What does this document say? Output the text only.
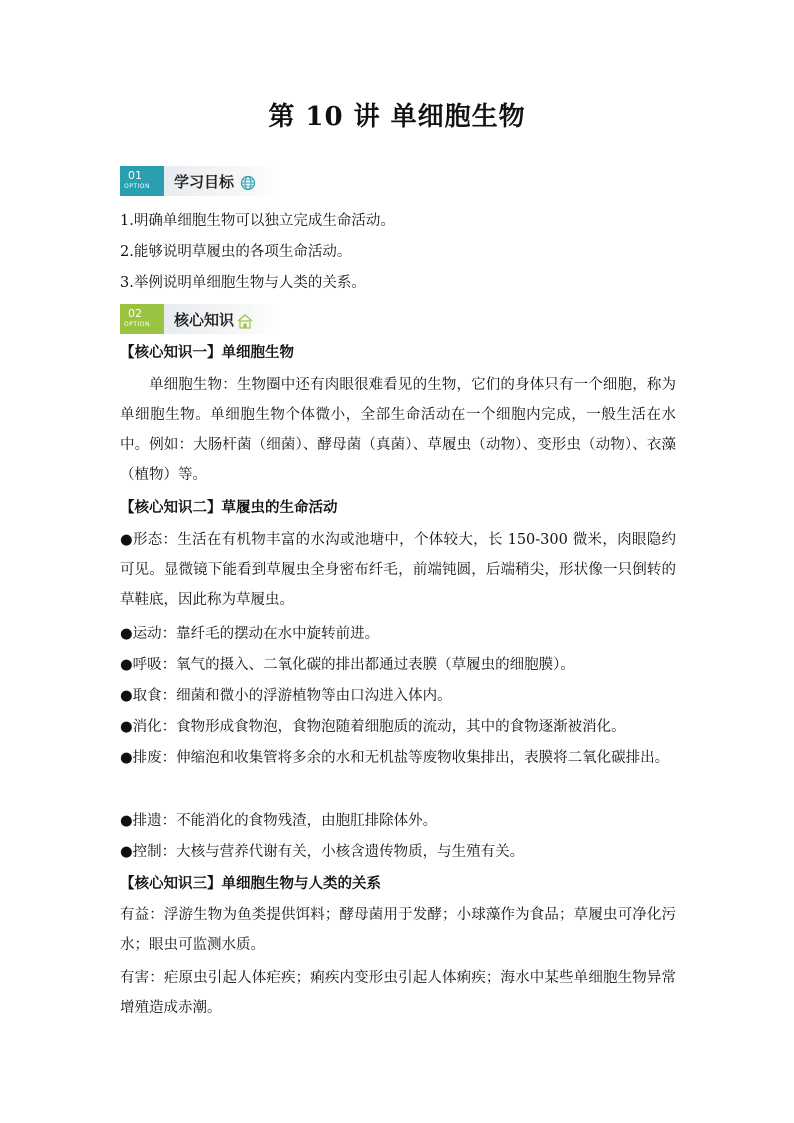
第 10 讲 单细胞生物
01
OPTION 学习目标

1.明确单细胞生物可以独立完成生命活动。

2.能够说明草履虫的各项生命活动。

3.举例说明单细胞生物与人类的关系。

02
OPTION 核心知识

【核心知识一】单细胞生物

单细胞生物：生物圈中还有肉眼很难看见的生物，它们的身体只有一个细胞，称为单细胞生物。单细胞生物个体微小，全部生命活动在一个细胞内完成，一般生活在水中。例如：大肠杆菌（细菌）、酵母菌（真菌）、草履虫（动物）、变形虫（动物）、衣藻（植物）等。

【核心知识二】草履虫的生命活动

●形态：生活在有机物丰富的水沟或池塘中，个体较大，长 150-300 微米，肉眼隐约可见。显微镜下能看到草履虫全身密布纤毛，前端钝圆，后端稍尖，形状像一只倒转的草鞋底，因此称为草履虫。

●运动：靠纤毛的摆动在水中旋转前进。

●呼吸：氧气的摄入、二氧化碳的排出都通过表膜（草履虫的细胞膜）。

●取食：细菌和微小的浮游植物等由口沟进入体内。

●消化：食物形成食物泡，食物泡随着细胞质的流动，其中的食物逐渐被消化。

●排废：伸缩泡和收集管将多余的水和无机盐等废物收集排出，表膜将二氧化碳排出。

●排遗：不能消化的食物残渣，由胞肛排除体外。

●控制：大核与营养代谢有关，小核含遗传物质，与生殖有关。

【核心知识三】单细胞生物与人类的关系

有益：浮游生物为鱼类提供饵料；酵母菌用于发酵；小球藻作为食品；草履虫可净化污水；眼虫可监测水质。

有害：疟原虫引起人体疟疾；痢疾内变形虫引起人体痢疾；海水中某些单细胞生物异常增殖造成赤潮。
